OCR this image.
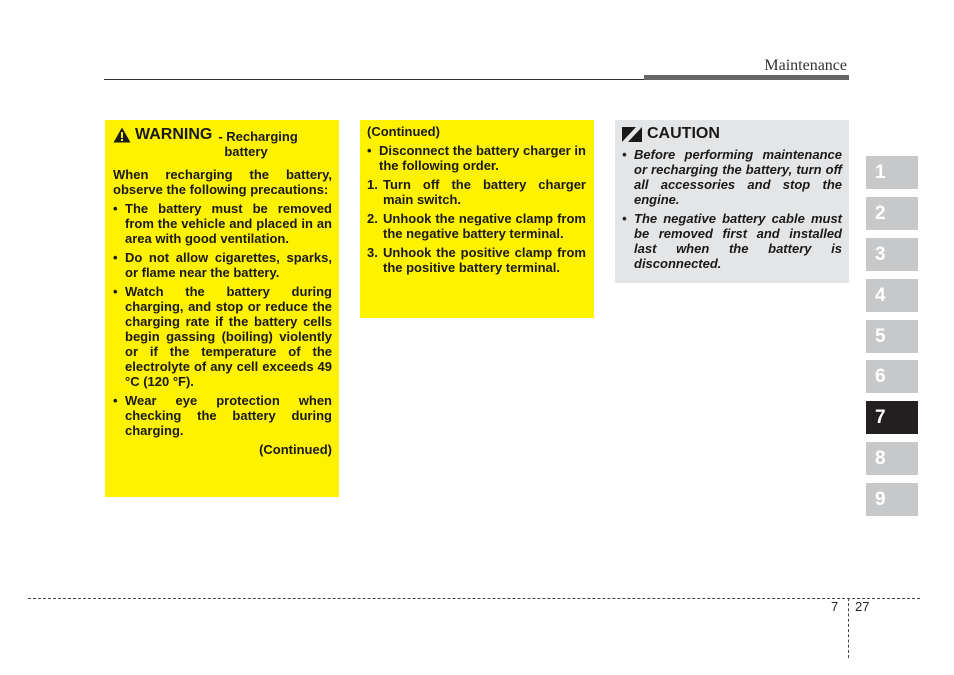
Maintenance
WARNING - Recharging battery

When recharging the battery, observe the following precautions:

• The battery must be removed from the vehicle and placed in an area with good ventilation.
• Do not allow cigarettes, sparks, or flame near the battery.
• Watch the battery during charging, and stop or reduce the charging rate if the battery cells begin gassing (boiling) violently or if the temperature of the electrolyte of any cell exceeds 49 °C (120 °F).
• Wear eye protection when checking the battery during charging.

(Continued)

(Continued)

• Disconnect the battery charger in the following order.
1. Turn off the battery charger main switch.
2. Unhook the negative clamp from the negative battery terminal.
3. Unhook the positive clamp from the positive battery terminal.
CAUTION
• Before performing maintenance or recharging the battery, turn off all accessories and stop the engine.
• The negative battery cable must be removed first and installed last when the battery is disconnected.
1
2
3
4
5
6
7
8
9
7 27
